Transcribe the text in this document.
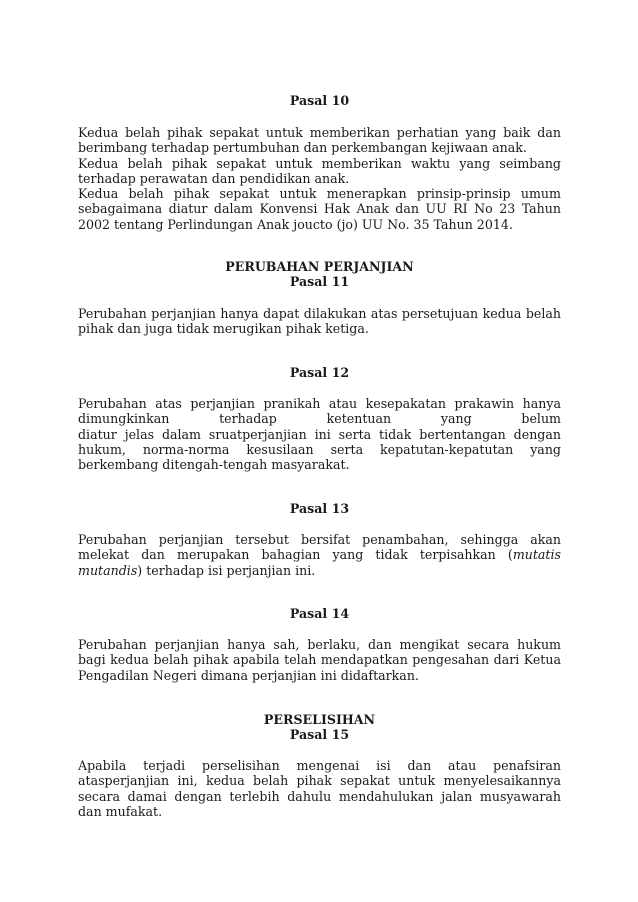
Pasal 10

Kedua belah pihak sepakat untuk memberikan perhatian yang baik dan berimbang terhadap pertumbuhan dan perkembangan kejiwaan anak.

Kedua belah pihak sepakat untuk memberikan waktu yang seimbang terhadap perawatan dan pendidikan anak.

Kedua belah pihak sepakat untuk menerapkan prinsip-prinsip umum sebagaimana diatur dalam Konvensi Hak Anak dan UU RI No 23 Tahun 2002 tentang Perlindungan Anak joucto (jo) UU No. 35 Tahun 2014.

PERUBAHAN PERJANJIAN
Pasal 11

Perubahan perjanjian hanya dapat dilakukan atas persetujuan kedua belah pihak dan juga tidak merugikan pihak ketiga.

Pasal 12

Perubahan atas perjanjian pranikah atau kesepakatan prakawin hanya

dimungkinkan terhadap ketentuan yang belum

diatur jelas dalam sruatperjanjian ini serta tidak bertentangan dengan

hukum, norma-norma kesusilaan serta kepatutan-kepatutan yang

berkembang ditengah-tengah masyarakat.

Pasal 13

Perubahan perjanjian tersebut bersifat penambahan, sehingga akan melekat dan merupakan bahagian yang tidak terpisahkan (mutatis mutandis) terhadap isi perjanjian ini.

Pasal 14

Perubahan perjanjian hanya sah, berlaku, dan mengikat secara hukum bagi kedua belah pihak apabila telah mendapatkan pengesahan dari Ketua Pengadilan Negeri dimana perjanjian ini didaftarkan.

PERSELISIHAN
Pasal 15

Apabila terjadi perselisihan mengenai isi dan atau penafsiran atasperjanjian ini, kedua belah pihak sepakat untuk menyelesaikannya secara damai dengan terlebih dahulu mendahulukan jalan musyawarah dan mufakat.
